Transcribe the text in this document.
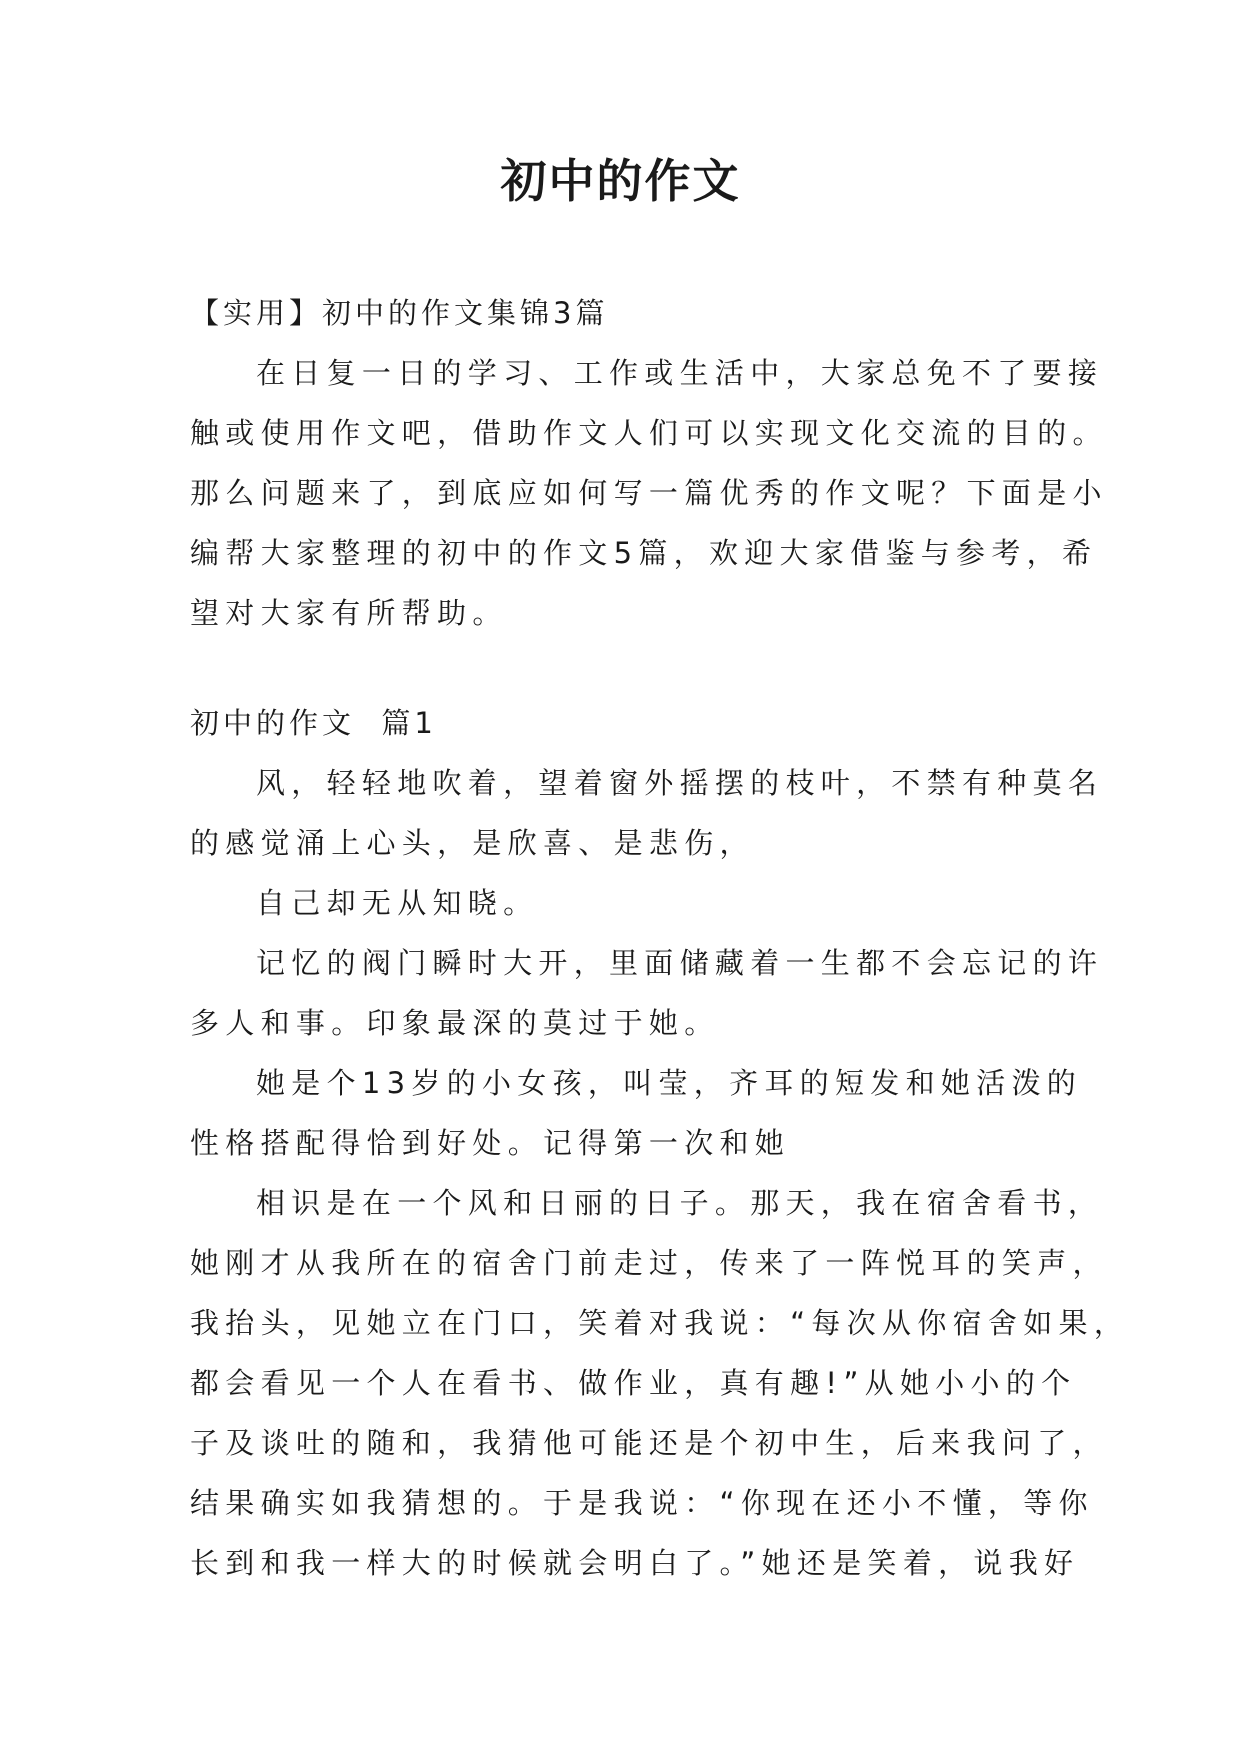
初中的作文
【实用】初中的作文集锦3篇
在日复一日的学习、工作或生活中，大家总免不了要接
触或使用作文吧，借助作文人们可以实现文化交流的目的。
那么问题来了，到底应如何写一篇优秀的作文呢？下面是小
编帮大家整理的初中的作文5篇，欢迎大家借鉴与参考，希
望对大家有所帮助。
初中的作文  篇1
风，轻轻地吹着，望着窗外摇摆的枝叶，不禁有种莫名
的感觉涌上心头，是欣喜、是悲伤，
自己却无从知晓。
记忆的阀门瞬时大开，里面储藏着一生都不会忘记的许
多人和事。印象最深的莫过于她。
她是个13岁的小女孩，叫莹，齐耳的短发和她活泼的
性格搭配得恰到好处。记得第一次和她
相识是在一个风和日丽的日子。那天，我在宿舍看书，
她刚才从我所在的宿舍门前走过，传来了一阵悦耳的笑声，
我抬头，见她立在门口，笑着对我说：“每次从你宿舍如果，
都会看见一个人在看书、做作业，真有趣!”从她小小的个
子及谈吐的随和，我猜他可能还是个初中生，后来我问了，
结果确实如我猜想的。于是我说：“你现在还小不懂，等你
长到和我一样大的时候就会明白了。”她还是笑着，说我好
